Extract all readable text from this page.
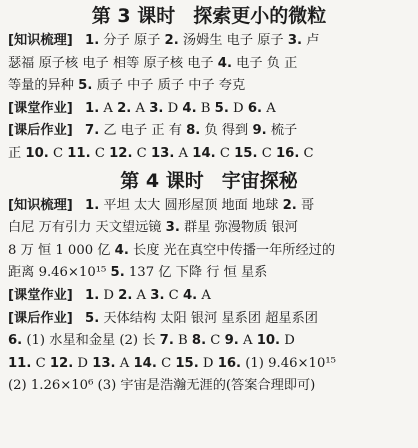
第 3 课时 探索更小的微粒
[知识梳理] 1. 分子 原子 2. 汤姆生 电子 原子 3. 卢
瑟福 原子核 电子 相等 原子核 电子 4. 电子 负 正
等量的异种 5. 质子 中子 质子 中子 夸克
[课堂作业] 1. A 2. A 3. D 4. B 5. D 6. A
[课后作业] 7. 乙 电子 正 有 8. 负 得到 9. 梳子
正 10. C 11. C 12. C 13. A 14. C 15. C 16. C
第 4 课时 宇宙探秘
[知识梳理] 1. 平坦 太大 圆形屋顶 地面 地球 2. 哥
白尼 万有引力 天文望远镜 3. 群星 弥漫物质 银河
8 万 恒 1 000 亿 4. 长度 光在真空中传播一年所经过的
距离 9.46×10¹⁵ 5. 137 亿 下降 行 恒 星系
[课堂作业] 1. D 2. A 3. C 4. A
[课后作业] 5. 天体结构 太阳 银河 星系团 超星系团
6. (1) 水星和金星 (2) 长 7. B 8. C 9. A 10. D
11. C 12. D 13. A 14. C 15. D 16. (1) 9.46×10¹⁵
(2) 1.26×10⁶ (3) 宇宙是浩瀚无涯的(答案合理即可)
